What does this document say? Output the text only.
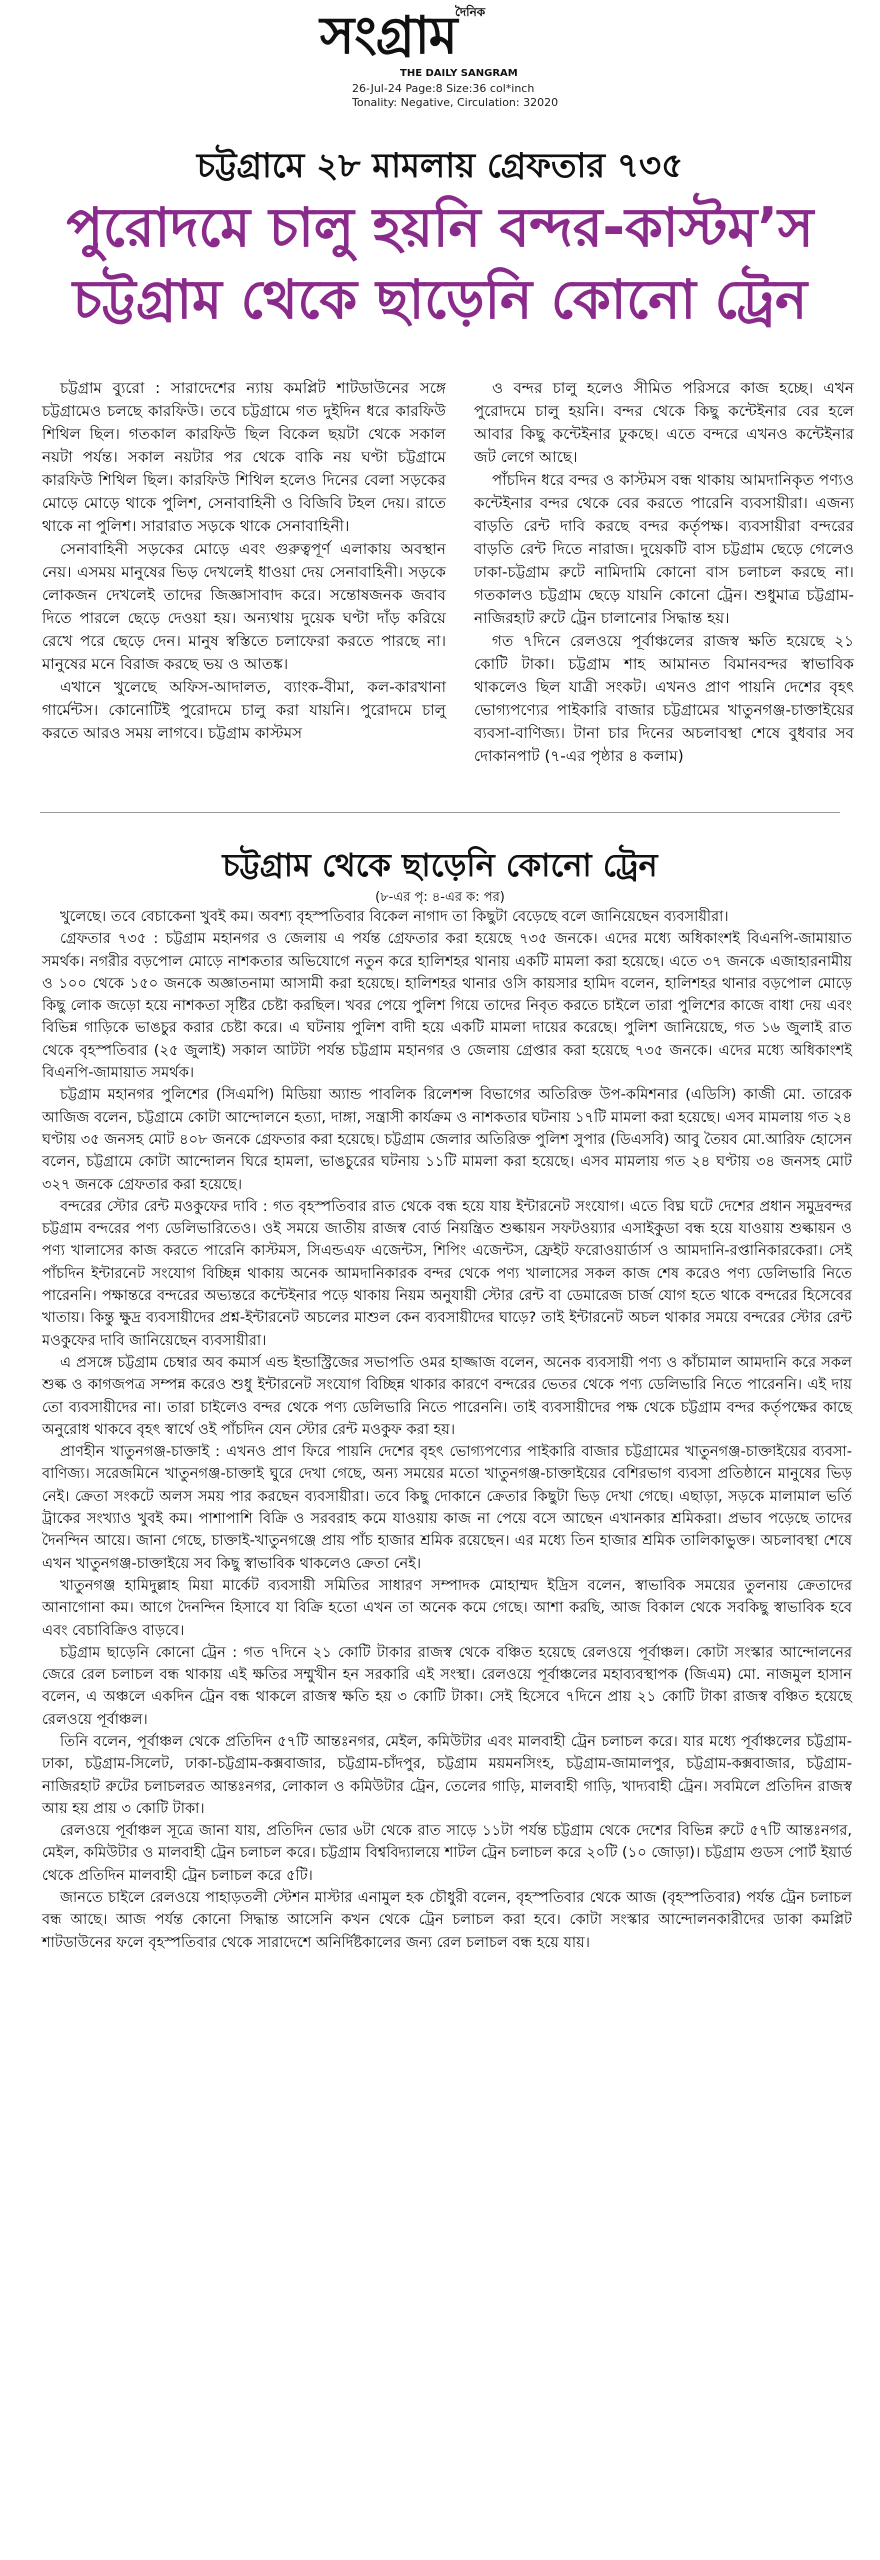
দৈনিক
সংগ্রাম
THE DAILY SANGRAM
26-Jul-24 Page:8 Size:36 col*inch
Tonality: Negative, Circulation: 32020
চট্টগ্রামে ২৮ মামলায় গ্রেফতার ৭৩৫
পুরোদমে চালু হয়নি বন্দর-কাস্টম’স
চট্টগ্রাম থেকে ছাড়েনি কোনো ট্রেন

চট্টগ্রাম ব্যুরো : সারাদেশের ন্যায় কমপ্লিট শাটডাউনের সঙ্গে চট্টগ্রামেও চলছে কারফিউ। তবে চট্টগ্রামে গত দুইদিন ধরে কারফিউ শিথিল ছিল। গতকাল কারফিউ ছিল বিকেল ছয়টা থেকে সকাল নয়টা পর্যন্ত। সকাল নয়টার পর থেকে বাকি নয় ঘণ্টা চট্টগ্রামে কারফিউ শিথিল ছিল। কারফিউ শিথিল হলেও দিনের বেলা সড়কের মোড়ে মোড়ে থাকে পুলিশ, সেনাবাহিনী ও বিজিবি টহল দেয়। রাতে থাকে না পুলিশ। সারারাত সড়কে থাকে সেনাবাহিনী।

সেনাবাহিনী সড়কের মোড়ে এবং গুরুত্বপূর্ণ এলাকায় অবস্থান নেয়। এসময় মানুষের ভিড় দেখলেই ধাওয়া দেয় সেনাবাহিনী। সড়কে লোকজন দেখলেই তাদের জিজ্ঞাসাবাদ করে। সন্তোষজনক জবাব দিতে পারলে ছেড়ে দেওয়া হয়। অন্যথায় দুয়েক ঘণ্টা দাঁড় করিয়ে রেখে পরে ছেড়ে দেন। মানুষ স্বস্তিতে চলাফেরা করতে পারছে না। মানুষের মনে বিরাজ করছে ভয় ও আতঙ্ক।

এখানে খুলেছে অফিস-আদালত, ব্যাংক-বীমা, কল-কারখানা গার্মেন্টস। কোনোটিই পুরোদমে চালু করা যায়নি। পুরোদমে চালু করতে আরও সময় লাগবে। চট্টগ্রাম কাস্টমস

ও বন্দর চালু হলেও সীমিত পরিসরে কাজ হচ্ছে। এখন পুরোদমে চালু হয়নি। বন্দর থেকে কিছু কন্টেইনার বের হলে আবার কিছু কন্টেইনার ঢুকছে। এতে বন্দরে এখনও কন্টেইনার জট লেগে আছে।

পাঁচদিন ধরে বন্দর ও কাস্টমস বন্ধ থাকায় আমদানিকৃত পণ্যও কন্টেইনার বন্দর থেকে বের করতে পারেনি ব্যবসায়ীরা। এজন্য বাড়তি রেন্ট দাবি করছে বন্দর কর্তৃপক্ষ। ব্যবসায়ীরা বন্দরের বাড়তি রেন্ট দিতে নারাজ। দুয়েকটি বাস চট্টগ্রাম ছেড়ে গেলেও ঢাকা-চট্টগ্রাম রুটে নামিদামি কোনো বাস চলাচল করছে না। গতকালও চট্টগ্রাম ছেড়ে যায়নি কোনো ট্রেন। শুধুমাত্র চট্টগ্রাম-নাজিরহাট রুটে ট্রেন চালানোর সিদ্ধান্ত হয়।

গত ৭দিনে রেলওয়ে পূর্বাঞ্চলের রাজস্ব ক্ষতি হয়েছে ২১ কোটি টাকা। চট্টগ্রাম শাহ আমানত বিমানবন্দর স্বাভাবিক থাকলেও ছিল যাত্রী সংকট। এখনও প্রাণ পায়নি দেশের বৃহৎ ভোগ্যপণ্যের পাইকারি বাজার চট্টগ্রামের খাতুনগঞ্জ-চাক্তাইয়ের ব্যবসা-বাণিজ্য। টানা চার দিনের অচলাবস্থা শেষে বুধবার সব দোকানপাট (৭-এর পৃষ্ঠার ৪ কলাম)

চট্টগ্রাম থেকে ছাড়েনি কোনো ট্রেন
(৮-এর পৃ: ৪-এর ক: পর)

খুলেছে। তবে বেচাকেনা খুবই কম। অবশ্য বৃহস্পতিবার বিকেল নাগাদ তা কিছুটা বেড়েছে বলে জানিয়েছেন ব্যবসায়ীরা।

গ্রেফতার ৭৩৫ : চট্টগ্রাম মহানগর ও জেলায় এ পর্যন্ত গ্রেফতার করা হয়েছে ৭৩৫ জনকে। এদের মধ্যে অধিকাংশই বিএনপি-জামায়াত সমর্থক। নগরীর বড়পোল মোড়ে নাশকতার অভিযোগে নতুন করে হালিশহর থানায় একটি মামলা করা হয়েছে। এতে ৩৭ জনকে এজাহারনামীয় ও ১০০ থেকে ১৫০ জনকে অজ্ঞাতনামা আসামী করা হয়েছে। হালিশহর থানার ওসি কায়সার হামিদ বলেন, হালিশহর থানার বড়পোল মোড়ে কিছু লোক জড়ো হয়ে নাশকতা সৃষ্টির চেষ্টা করছিল। খবর পেয়ে পুলিশ গিয়ে তাদের নিবৃত করতে চাইলে তারা পুলিশের কাজে বাধা দেয় এবং বিভিন্ন গাড়িকে ভাঙচুর করার চেষ্টা করে। এ ঘটনায় পুলিশ বাদী হয়ে একটি মামলা দায়ের করেছে। পুলিশ জানিয়েছে, গত ১৬ জুলাই রাত থেকে বৃহস্পতিবার (২৫ জুলাই) সকাল আটটা পর্যন্ত চট্টগ্রাম মহানগর ও জেলায় গ্রেপ্তার করা হয়েছে ৭৩৫ জনকে। এদের মধ্যে অধিকাংশই বিএনপি-জামায়াত সমর্থক।

চট্টগ্রাম মহানগর পুলিশের (সিএমপি) মিডিয়া অ্যান্ড পাবলিক রিলেশন্স বিভাগের অতিরিক্ত উপ-কমিশনার (এডিসি) কাজী মো. তারেক আজিজ বলেন, চট্টগ্রামে কোটা আন্দোলনে হত্যা, দাঙ্গা, সন্ত্রাসী কার্যক্রম ও নাশকতার ঘটনায় ১৭টি মামলা করা হয়েছে। এসব মামলায় গত ২৪ ঘণ্টায় ৩৫ জনসহ মোট ৪০৮ জনকে গ্রেফতার করা হয়েছে। চট্টগ্রাম জেলার অতিরিক্ত পুলিশ সুপার (ডিএসবি) আবু তৈয়ব মো.আরিফ হোসেন বলেন, চট্টগ্রামে কোটা আন্দোলন ঘিরে হামলা, ভাঙচুরের ঘটনায় ১১টি মামলা করা হয়েছে। এসব মামলায় গত ২৪ ঘণ্টায় ৩৪ জনসহ মোট ৩২৭ জনকে গ্রেফতার করা হয়েছে।

বন্দরের স্টোর রেন্ট মওকুফের দাবি : গত বৃহস্পতিবার রাত থেকে বন্ধ হয়ে যায় ইন্টারনেট সংযোগ। এতে বিঘ্ন ঘটে দেশের প্রধান সমুদ্রবন্দর চট্টগ্রাম বন্দরের পণ্য ডেলিভারিতেও। ওই সময়ে জাতীয় রাজস্ব বোর্ড নিয়ন্ত্রিত শুল্কায়ন সফটওয়্যার এসাইকুডা বন্ধ হয়ে যাওয়ায় শুল্কায়ন ও পণ্য খালাসের কাজ করতে পারেনি কাস্টমস, সিএন্ডএফ এজেন্টস, শিপিং এজেন্টস, ফ্রেইট ফরোওয়ার্ডার্স ও আমদানি-রপ্তানিকারকেরা। সেই পাঁচদিন ইন্টারনেট সংযোগ বিচ্ছিন্ন থাকায় অনেক আমদানিকারক বন্দর থেকে পণ্য খালাসের সকল কাজ শেষ করেও পণ্য ডেলিভারি নিতে পারেননি। পক্ষান্তরে বন্দরের অভ্যন্তরে কন্টেইনার পড়ে থাকায় নিয়ম অনুযায়ী স্টোর রেন্ট বা ডেমারেজ চার্জ যোগ হতে থাকে বন্দরের হিসেবের খাতায়। কিন্তু ক্ষুদ্র ব্যবসায়ীদের প্রশ্ন-ইন্টারনেট অচলের মাশুল কেন ব্যবসায়ীদের ঘাড়ে? তাই ইন্টারনেট অচল থাকার সময়ে বন্দরের স্টোর রেন্ট মওকুফের দাবি জানিয়েছেন ব্যবসায়ীরা।

এ প্রসঙ্গে চট্টগ্রাম চেম্বার অব কমার্স এন্ড ইন্ডাস্ট্রিজের সভাপতি ওমর হাজ্জাজ বলেন, অনেক ব্যবসায়ী পণ্য ও কাঁচামাল আমদানি করে সকল শুল্ক ও কাগজপত্র সম্পন্ন করেও শুধু ইন্টারনেট সংযোগ বিচ্ছিন্ন থাকার কারণে বন্দরের ভেতর থেকে পণ্য ডেলিভারি নিতে পারেননি। এই দায় তো ব্যবসায়ীদের না। তারা চাইলেও বন্দর থেকে পণ্য ডেলিভারি নিতে পারেননি। তাই ব্যবসায়ীদের পক্ষ থেকে চট্টগ্রাম বন্দর কর্তৃপক্ষের কাছে অনুরোধ থাকবে বৃহৎ স্বার্থে ওই পাঁচদিন যেন স্টোর রেন্ট মওকুফ করা হয়।

প্রাণহীন খাতুনগঞ্জ-চাক্তাই : এখনও প্রাণ ফিরে পায়নি দেশের বৃহৎ ভোগ্যপণ্যের পাইকারি বাজার চট্টগ্রামের খাতুনগঞ্জ-চাক্তাইয়ের ব্যবসা-বাণিজ্য। সরেজমিনে খাতুনগঞ্জ-চাক্তাই ঘুরে দেখা গেছে, অন্য সময়ের মতো খাতুনগঞ্জ-চাক্তাইয়ের বেশিরভাগ ব্যবসা প্রতিষ্ঠানে মানুষের ভিড় নেই। ক্রেতা সংকটে অলস সময় পার করছেন ব্যবসায়ীরা। তবে কিছু দোকানে ক্রেতার কিছুটা ভিড় দেখা গেছে। এছাড়া, সড়কে মালামাল ভর্তি ট্রাকের সংখ্যাও খুবই কম। পাশাপাশি বিক্রি ও সরবরাহ কমে যাওয়ায় কাজ না পেয়ে বসে আছেন এখানকার শ্রমিকরা। প্রভাব পড়েছে তাদের দৈনন্দিন আয়ে। জানা গেছে, চাক্তাই-খাতুনগঞ্জে প্রায় পাঁচ হাজার শ্রমিক রয়েছেন। এর মধ্যে তিন হাজার শ্রমিক তালিকাভুক্ত। অচলাবস্থা শেষে এখন খাতুনগঞ্জ-চাক্তাইয়ে সব কিছু স্বাভাবিক থাকলেও ক্রেতা নেই।

খাতুনগঞ্জ হামিদুল্লাহ মিয়া মার্কেট ব্যবসায়ী সমিতির সাধারণ সম্পাদক মোহাম্মদ ইদ্রিস বলেন, স্বাভাবিক সময়ের তুলনায় ক্রেতাদের আনাগোনা কম। আগে দৈনন্দিন হিসাবে যা বিক্রি হতো এখন তা অনেক কমে গেছে। আশা করছি, আজ বিকাল থেকে সবকিছু স্বাভাবিক হবে এবং বেচাবিক্রিও বাড়বে।

চট্টগ্রাম ছাড়েনি কোনো ট্রেন : গত ৭দিনে ২১ কোটি টাকার রাজস্ব থেকে বঞ্চিত হয়েছে রেলওয়ে পূর্বাঞ্চল। কোটা সংস্কার আন্দোলনের জেরে রেল চলাচল বন্ধ থাকায় এই ক্ষতির সম্মুখীন হন সরকারি এই সংস্থা। রেলওয়ে পূর্বাঞ্চলের মহাব্যবস্থাপক (জিএম) মো. নাজমুল হাসান বলেন, এ অঞ্চলে একদিন ট্রেন বন্ধ থাকলে রাজস্ব ক্ষতি হয় ৩ কোটি টাকা। সেই হিসেবে ৭দিনে প্রায় ২১ কোটি টাকা রাজস্ব বঞ্চিত হয়েছে রেলওয়ে পূর্বাঞ্চল।

তিনি বলেন, পূর্বাঞ্চল থেকে প্রতিদিন ৫৭টি আন্তঃনগর, মেইল, কমিউটার এবং মালবাহী ট্রেন চলাচল করে। যার মধ্যে পূর্বাঞ্চলের চট্টগ্রাম-ঢাকা, চট্টগ্রাম-সিলেট, ঢাকা-চট্টগ্রাম-কক্সবাজার, চট্টগ্রাম-চাঁদপুর, চট্টগ্রাম ময়মনসিংহ, চট্টগ্রাম-জামালপুর, চট্টগ্রাম-কক্সবাজার, চট্টগ্রাম-নাজিরহাট রুটের চলাচলরত আন্তঃনগর, লোকাল ও কমিউটার ট্রেন, তেলের গাড়ি, মালবাহী গাড়ি, খাদ্যবাহী ট্রেন। সবমিলে প্রতিদিন রাজস্ব আয় হয় প্রায় ৩ কোটি টাকা।

রেলওয়ে পূর্বাঞ্চল সূত্রে জানা যায়, প্রতিদিন ভোর ৬টা থেকে রাত সাড়ে ১১টা পর্যন্ত চট্টগ্রাম থেকে দেশের বিভিন্ন রুটে ৫৭টি আন্তঃনগর, মেইল, কমিউটার ও মালবাহী ট্রেন চলাচল করে। চট্টগ্রাম বিশ্ববিদ্যালয়ে শাটল ট্রেন চলাচল করে ২০টি (১০ জোড়া)। চট্টগ্রাম গুডস পোর্ট ইয়ার্ড থেকে প্রতিদিন মালবাহী ট্রেন চলাচল করে ৫টি।

জানতে চাইলে রেলওয়ে পাহাড়তলী স্টেশন মাস্টার এনামুল হক চৌধুরী বলেন, বৃহস্পতিবার থেকে আজ (বৃহস্পতিবার) পর্যন্ত ট্রেন চলাচল বন্ধ আছে। আজ পর্যন্ত কোনো সিদ্ধান্ত আসেনি কখন থেকে ট্রেন চলাচল করা হবে। কোটা সংস্কার আন্দোলনকারীদের ডাকা কমপ্লিট শাটডাউনের ফলে বৃহস্পতিবার থেকে সারাদেশে অনির্দিষ্টকালের জন্য রেল চলাচল বন্ধ হয়ে যায়।
